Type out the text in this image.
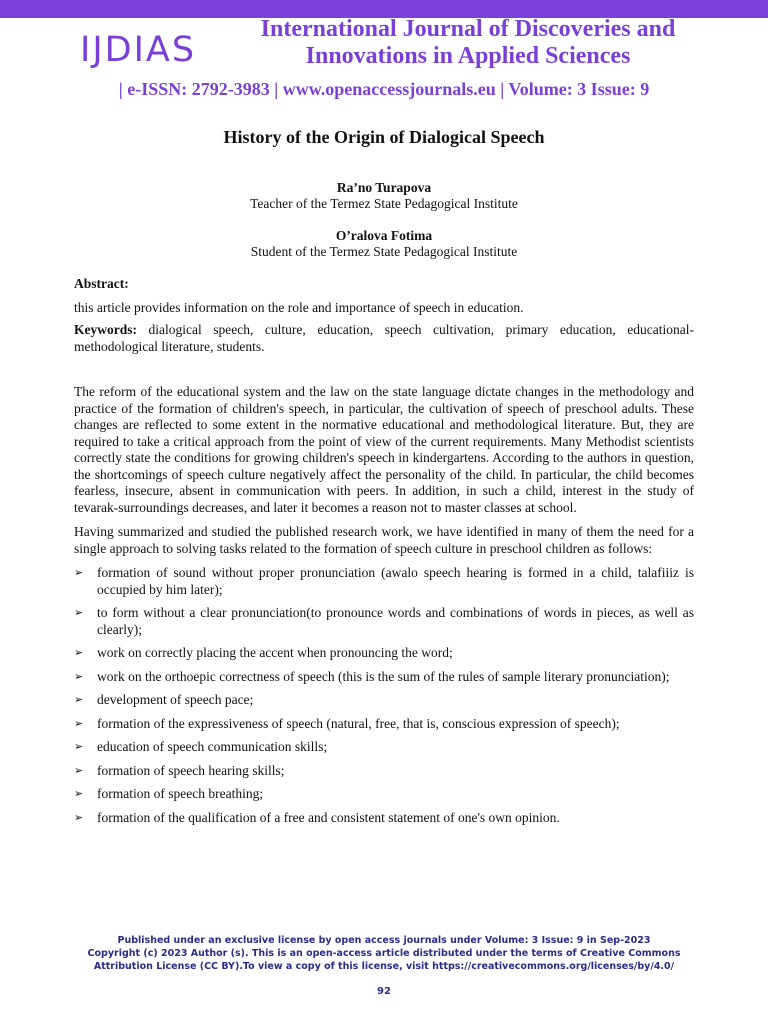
IJDIAS
International Journal of Discoveries and Innovations in Applied Sciences
| e-ISSN: 2792-3983 | www.openaccessjournals.eu | Volume: 3 Issue: 9
History of the Origin of Dialogical Speech
Ra’no Turapova
Teacher of the Termez State Pedagogical Institute
O’ralova Fotima
Student of the Termez State Pedagogical Institute

Abstract:

this article provides information on the role and importance of speech in education.

Keywords: dialogical speech, culture, education, speech cultivation, primary education, educational-methodological literature, students.

The reform of the educational system and the law on the state language dictate changes in the methodology and practice of the formation of children's speech, in particular, the cultivation of speech of preschool adults. These changes are reflected to some extent in the normative educational and methodological literature. But, they are required to take a critical approach from the point of view of the current requirements. Many Methodist scientists correctly state the conditions for growing children's speech in kindergartens. According to the authors in question, the shortcomings of speech culture negatively affect the personality of the child. In particular, the child becomes fearless, insecure, absent in communication with peers. In addition, in such a child, interest in the study of tevarak-surroundings decreases, and later it becomes a reason not to master classes at school.

Having summarized and studied the published research work, we have identified in many of them the need for a single approach to solving tasks related to the formation of speech culture in preschool children as follows:

➢ formation of sound without proper pronunciation (awalo speech hearing is formed in a child, talafiiiz is occupied by him later);
➢ to form without a clear pronunciation(to pronounce words and combinations of words in pieces, as well as clearly);
➢ work on correctly placing the accent when pronouncing the word;
➢ work on the orthoepic correctness of speech (this is the sum of the rules of sample literary pronunciation);
➢ development of speech pace;
➢ formation of the expressiveness of speech (natural, free, that is, conscious expression of speech);
➢ education of speech communication skills;
➢ formation of speech hearing skills;
➢ formation of speech breathing;
➢ formation of the qualification of a free and consistent statement of one's own opinion.
Published under an exclusive license by open access journals under Volume: 3 Issue: 9 in Sep-2023
Copyright (c) 2023 Author (s). This is an open-access article distributed under the terms of Creative Commons
Attribution License (CC BY).To view a copy of this license, visit https://creativecommons.org/licenses/by/4.0/
92
